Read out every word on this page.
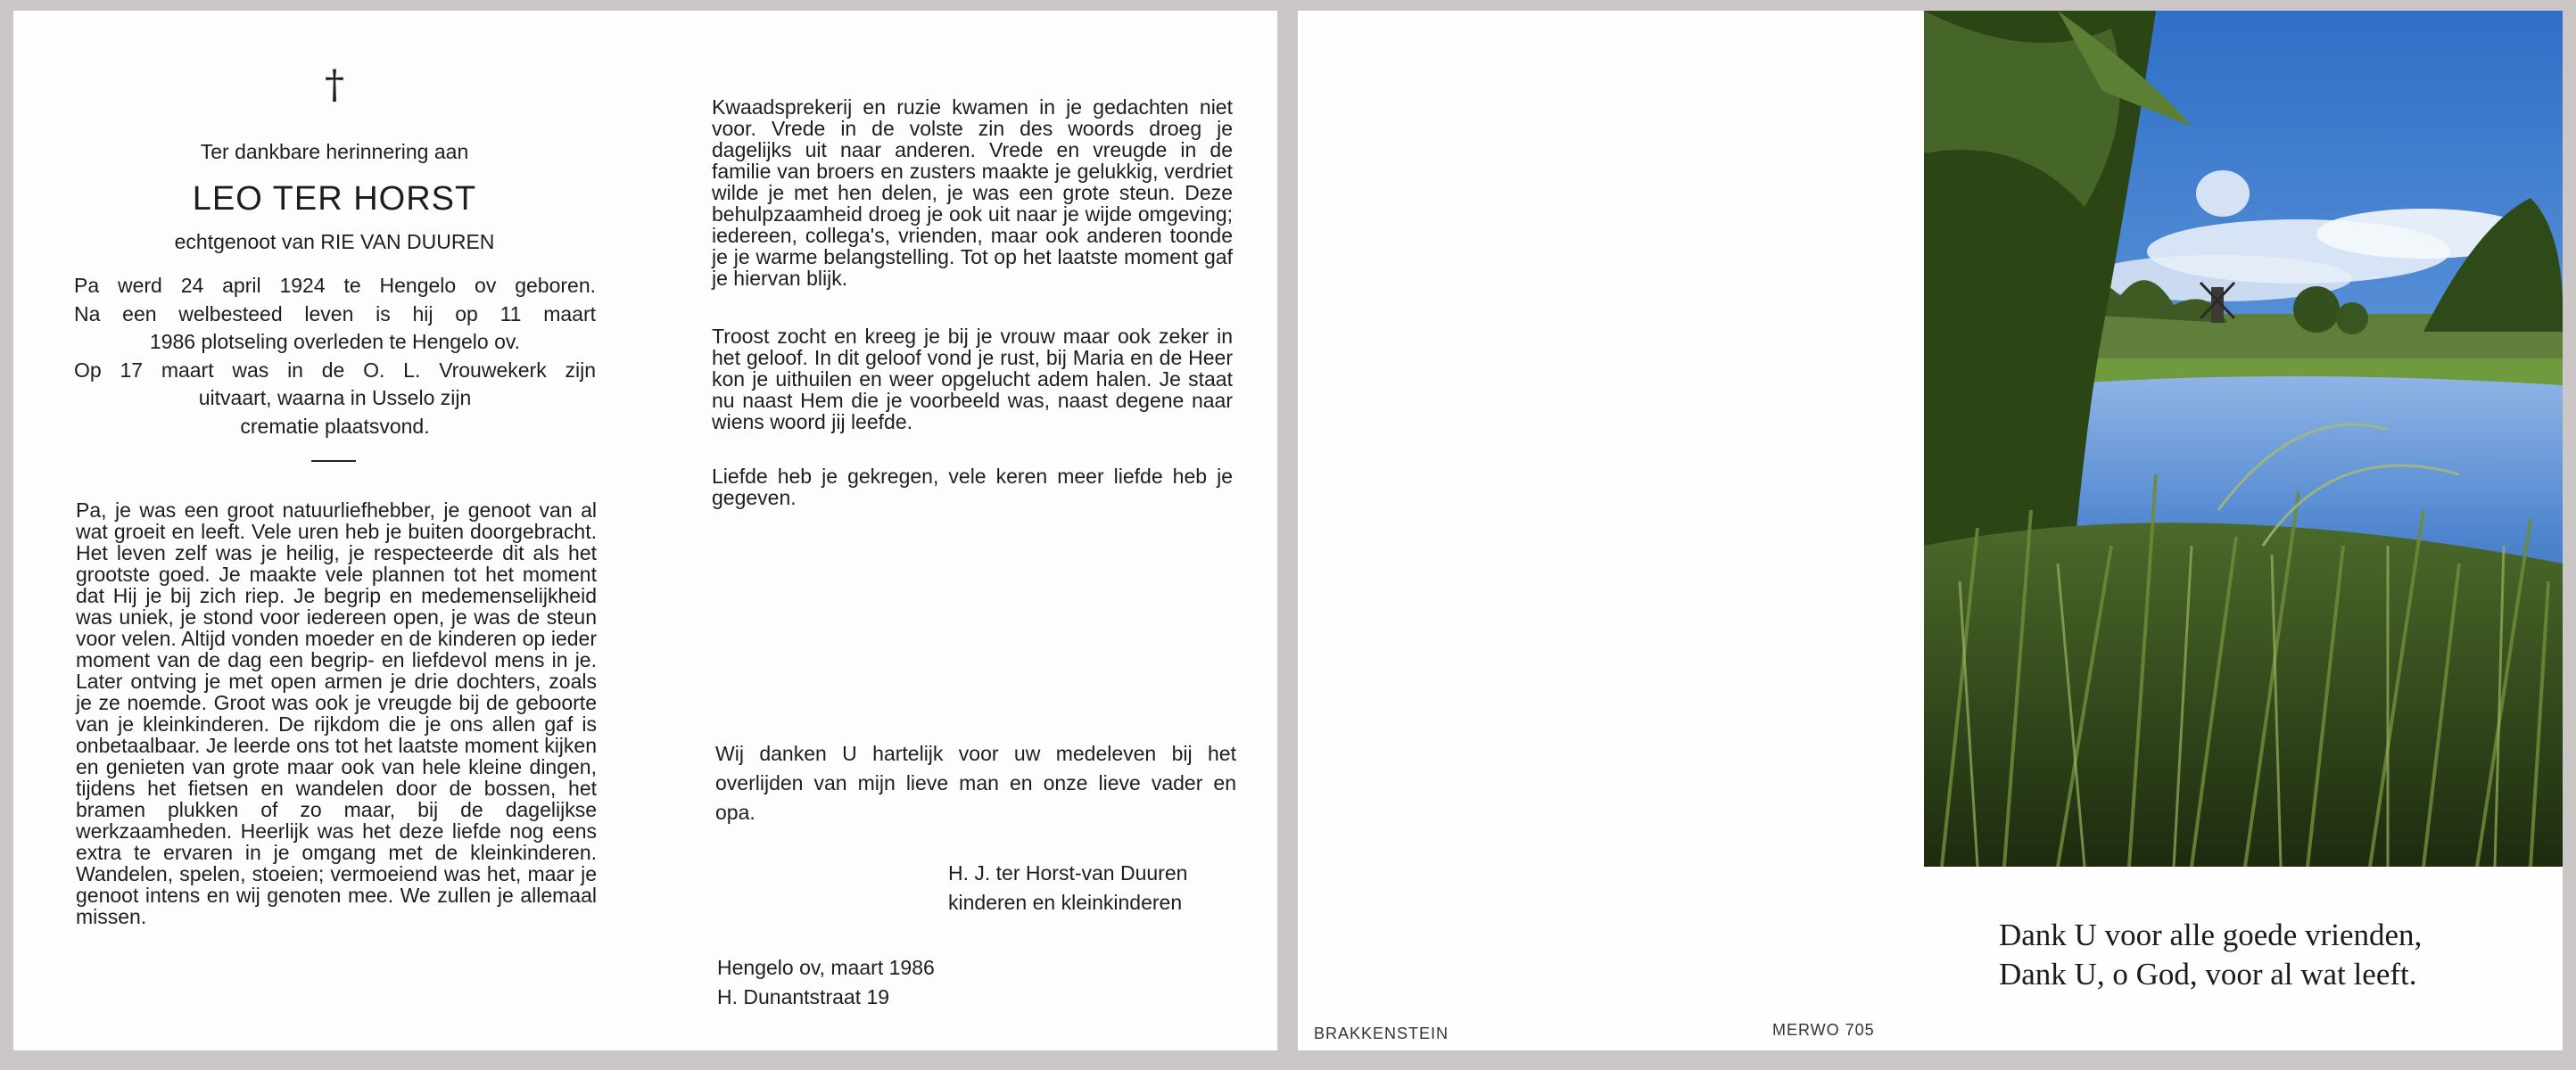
†
Ter dankbare herinnering aan
LEO TER HORST
echtgenoot van RIE VAN DUUREN
Pa werd 24 april 1924 te Hengelo ov geboren.
Na een welbesteed leven is hij op 11 maart
1986 plotseling overleden te Hengelo ov.
Op 17 maart was in de O. L. Vrouwekerk zijn
uitvaart, waarna in Usselo zijn
crematie plaatsvond.

Pa, je was een groot natuurliefhebber, je genoot van al wat groeit en leeft. Vele uren heb je buiten doorgebracht. Het leven zelf was je heilig, je respecteerde dit als het grootste goed. Je maakte vele plannen tot het moment dat Hij je bij zich riep. Je begrip en medemenselijkheid was uniek, je stond voor iedereen open, je was de steun voor velen. Altijd vonden moeder en de kinderen op ieder moment van de dag een begrip- en liefdevol mens in je. Later ontving je met open armen je drie dochters, zoals je ze noemde. Groot was ook je vreugde bij de geboorte van je kleinkinderen. De rijkdom die je ons allen gaf is onbetaalbaar. Je leerde ons tot het laatste moment kijken en genieten van grote maar ook van hele kleine dingen, tijdens het fietsen en wandelen door de bossen, het bramen plukken of zo maar, bij de dagelijkse werkzaamheden. Heerlijk was het deze liefde nog eens extra te ervaren in je omgang met de kleinkinderen. Wandelen, spelen, stoeien; vermoeiend was het, maar je genoot intens en wij genoten mee. We zullen je allemaal missen.

Kwaadsprekerij en ruzie kwamen in je gedachten niet voor. Vrede in de volste zin des woords droeg je dagelijks uit naar anderen. Vrede en vreugde in de familie van broers en zusters maakte je gelukkig, verdriet wilde je met hen delen, je was een grote steun. Deze behulpzaamheid droeg je ook uit naar je wijde omgeving; iedereen, collega's, vrienden, maar ook anderen toonde je je warme belangstelling. Tot op het laatste moment gaf je hiervan blijk.

Troost zocht en kreeg je bij je vrouw maar ook zeker in het geloof. In dit geloof vond je rust, bij Maria en de Heer kon je uithuilen en weer opgelucht adem halen. Je staat nu naast Hem die je voorbeeld was, naast degene naar wiens woord jij leefde.

Liefde heb je gekregen, vele keren meer liefde heb je gegeven.

Wij danken U hartelijk voor uw medeleven bij het overlijden van mijn lieve man en onze lieve vader en opa.
H. J. ter Horst-van Duuren
kinderen en kleinkinderen
Hengelo ov, maart 1986
H. Dunantstraat 19
Dank U voor alle goede vrienden,
Dank U, o God, voor al wat leeft.
BRAKKENSTEIN	MERWO 705
